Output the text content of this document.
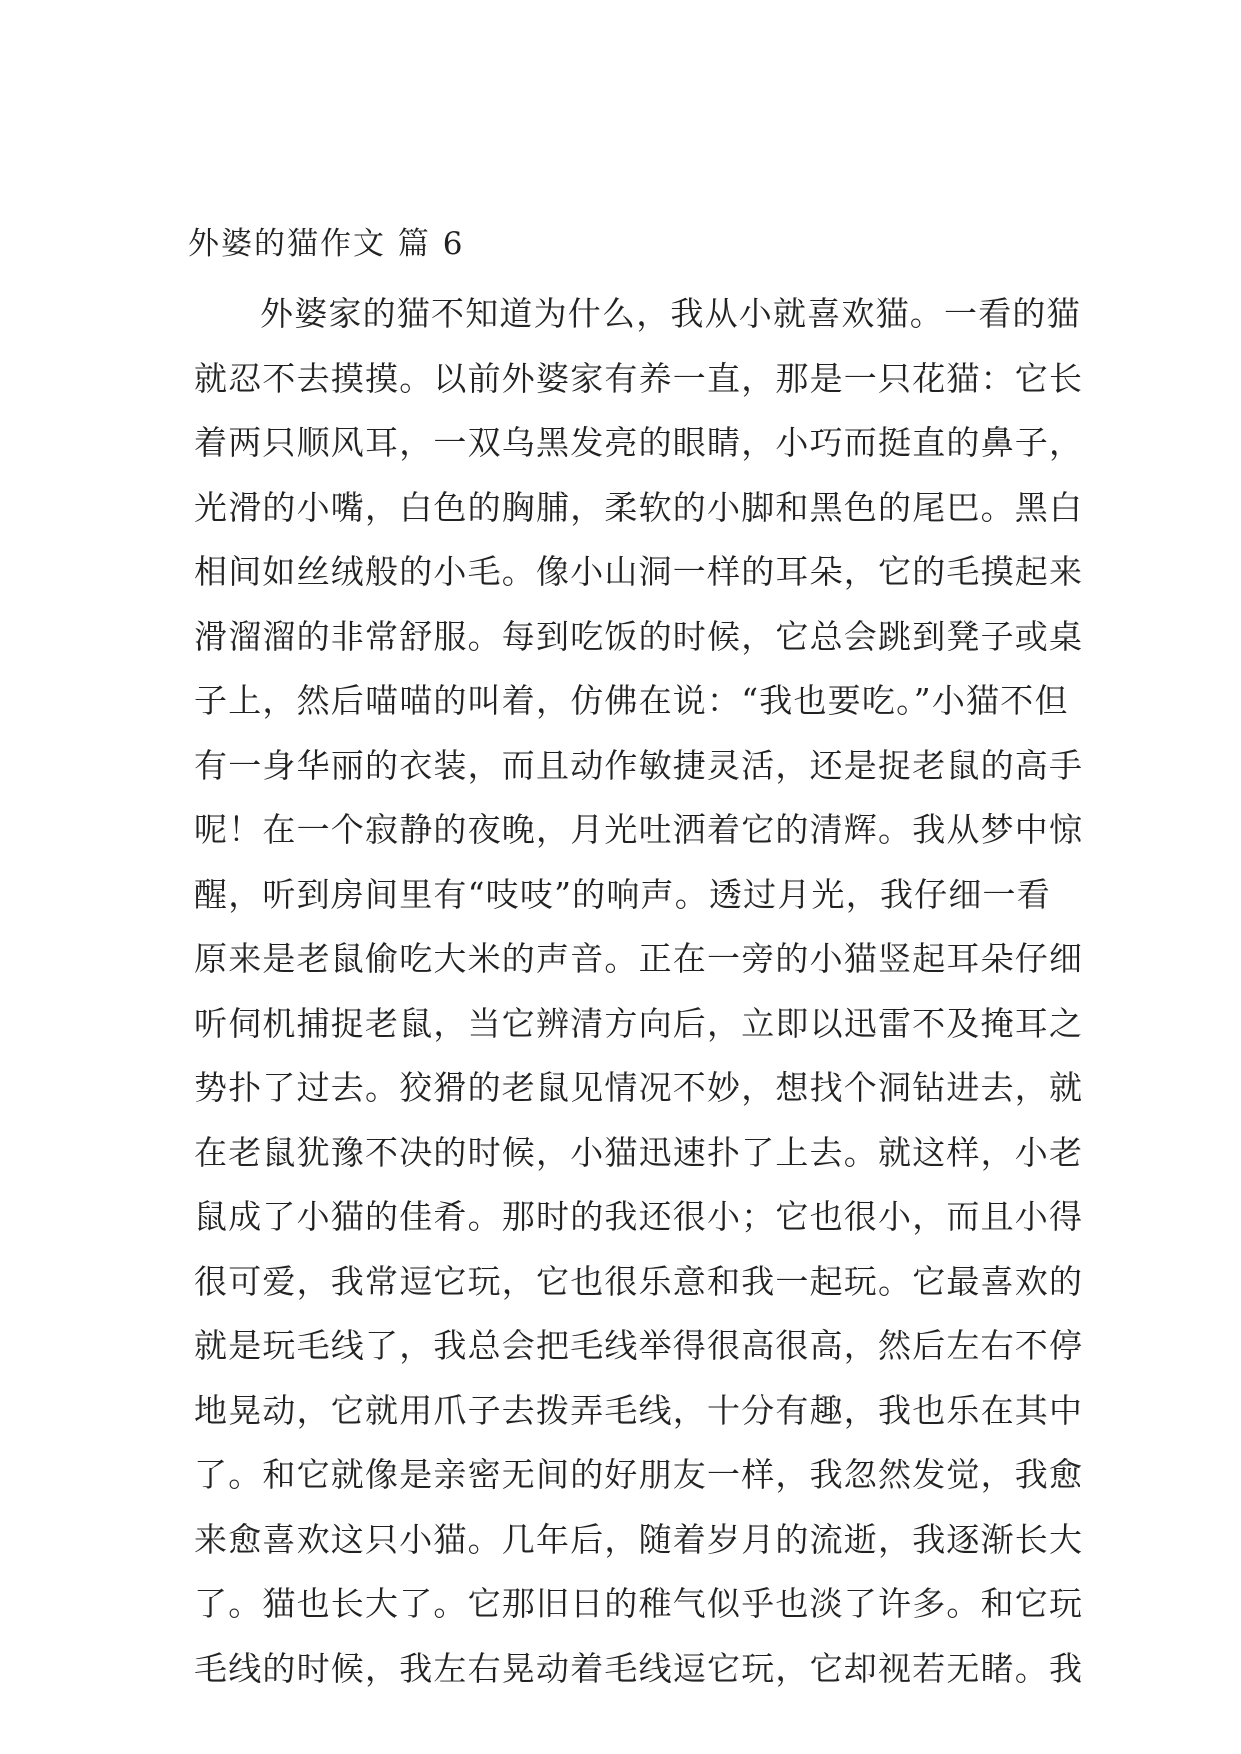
外婆的猫作文 篇 6
外婆家的猫不知道为什么，我从小就喜欢猫。一看的猫
就忍不去摸摸。以前外婆家有养一直，那是一只花猫：它长
着两只顺风耳，一双乌黑发亮的眼睛，小巧而挺直的鼻子，
光滑的小嘴，白色的胸脯，柔软的小脚和黑色的尾巴。黑白
相间如丝绒般的小毛。像小山洞一样的耳朵，它的毛摸起来
滑溜溜的非常舒服。每到吃饭的时候，它总会跳到凳子或桌
子上，然后喵喵的叫着，仿佛在说：“我也要吃。”小猫不但
有一身华丽的衣装，而且动作敏捷灵活，还是捉老鼠的高手
呢！在一个寂静的夜晚，月光吐洒着它的清辉。我从梦中惊
醒，听到房间里有“吱吱”的响声。透过月光，我仔细一看
原来是老鼠偷吃大米的声音。正在一旁的小猫竖起耳朵仔细
听伺机捕捉老鼠，当它辨清方向后，立即以迅雷不及掩耳之
势扑了过去。狡猾的老鼠见情况不妙，想找个洞钻进去，就
在老鼠犹豫不决的时候，小猫迅速扑了上去。就这样，小老
鼠成了小猫的佳肴。那时的我还很小；它也很小，而且小得
很可爱，我常逗它玩，它也很乐意和我一起玩。它最喜欢的
就是玩毛线了，我总会把毛线举得很高很高，然后左右不停
地晃动，它就用爪子去拨弄毛线，十分有趣，我也乐在其中
了。和它就像是亲密无间的好朋友一样，我忽然发觉，我愈
来愈喜欢这只小猫。几年后，随着岁月的流逝，我逐渐长大
了。猫也长大了。它那旧日的稚气似乎也淡了许多。和它玩
毛线的时候，我左右晃动着毛线逗它玩，它却视若无睹。我
